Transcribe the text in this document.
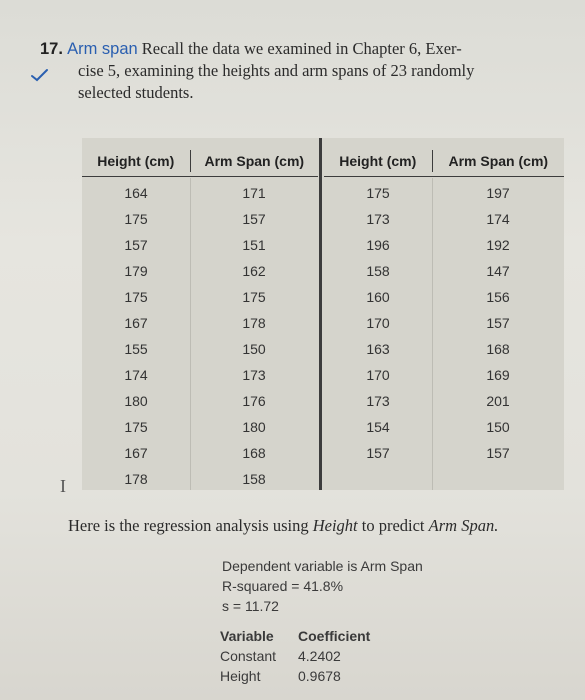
17. Arm span Recall the data we examined in Chapter 6, Exer-
cise 5, examining the heights and arm spans of 23 randomly
selected students.
Height (cm)	Arm Span (cm)
164	171
175	157
157	151
179	162
175	175
167	178
155	150
174	173
180	176
175	180
167	168
178	158
Height (cm)	Arm Span (cm)
175	197
173	174
196	192
158	147
160	156
170	157
163	168
170	169
173	201
154	150
157	157
I
Here is the regression analysis using Height to predict Arm Span.
Dependent variable is Arm Span
R-squared = 41.8%
s = 11.72
Variable	Coefficient
Constant	4.2402
Height	0.9678
